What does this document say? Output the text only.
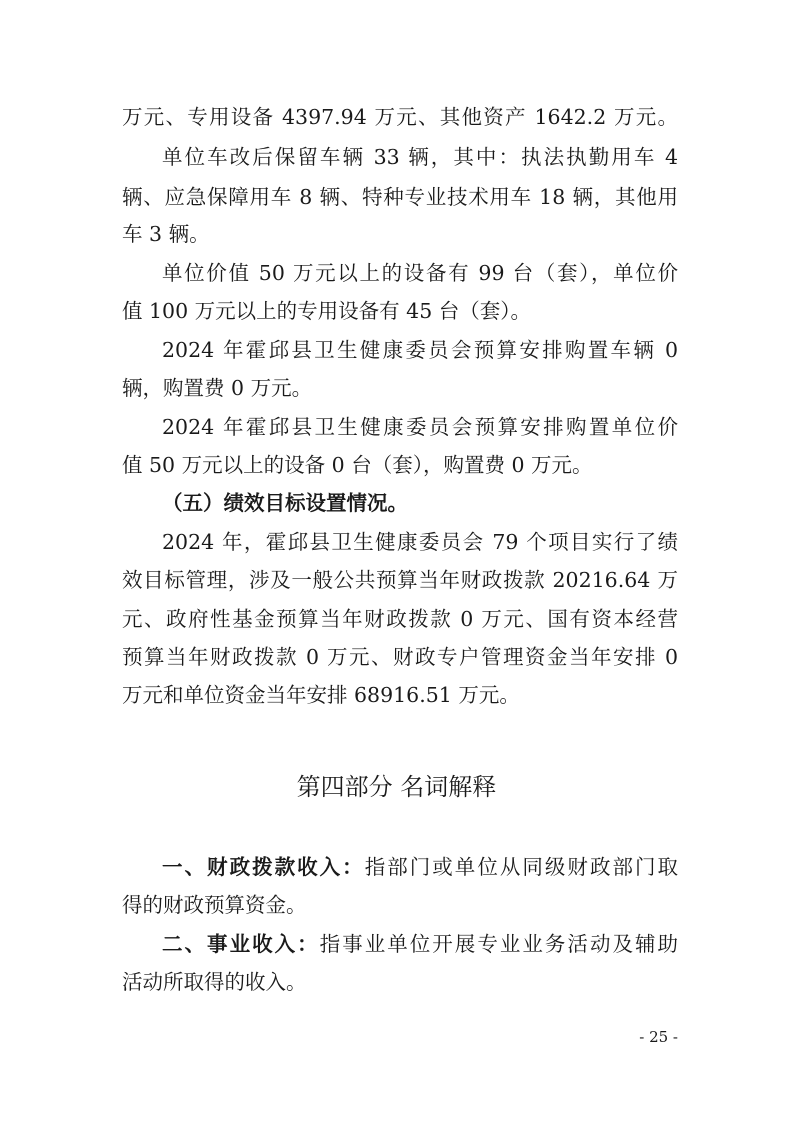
万元、专用设备 4397.94 万元、其他资产 1642.2 万元。
单位车改后保留车辆 33 辆，其中：执法执勤用车 4
辆、应急保障用车 8 辆、特种专业技术用车 18 辆，其他用
车 3 辆。
单位价值 50 万元以上的设备有 99 台（套），单位价
值 100 万元以上的专用设备有 45 台（套）。
2024 年霍邱县卫生健康委员会预算安排购置车辆 0
辆，购置费 0 万元。
2024 年霍邱县卫生健康委员会预算安排购置单位价
值 50 万元以上的设备 0 台（套），购置费 0 万元。
（五）绩效目标设置情况。
2024 年，霍邱县卫生健康委员会 79 个项目实行了绩
效目标管理，涉及一般公共预算当年财政拨款 20216.64 万
元、政府性基金预算当年财政拨款 0 万元、国有资本经营
预算当年财政拨款 0 万元、财政专户管理资金当年安排 0
万元和单位资金当年安排 68916.51 万元。
第四部分 名词解释
一、财政拨款收入：指部门或单位从同级财政部门取
得的财政预算资金。
二、事业收入：指事业单位开展专业业务活动及辅助
活动所取得的收入。
- 25 -
